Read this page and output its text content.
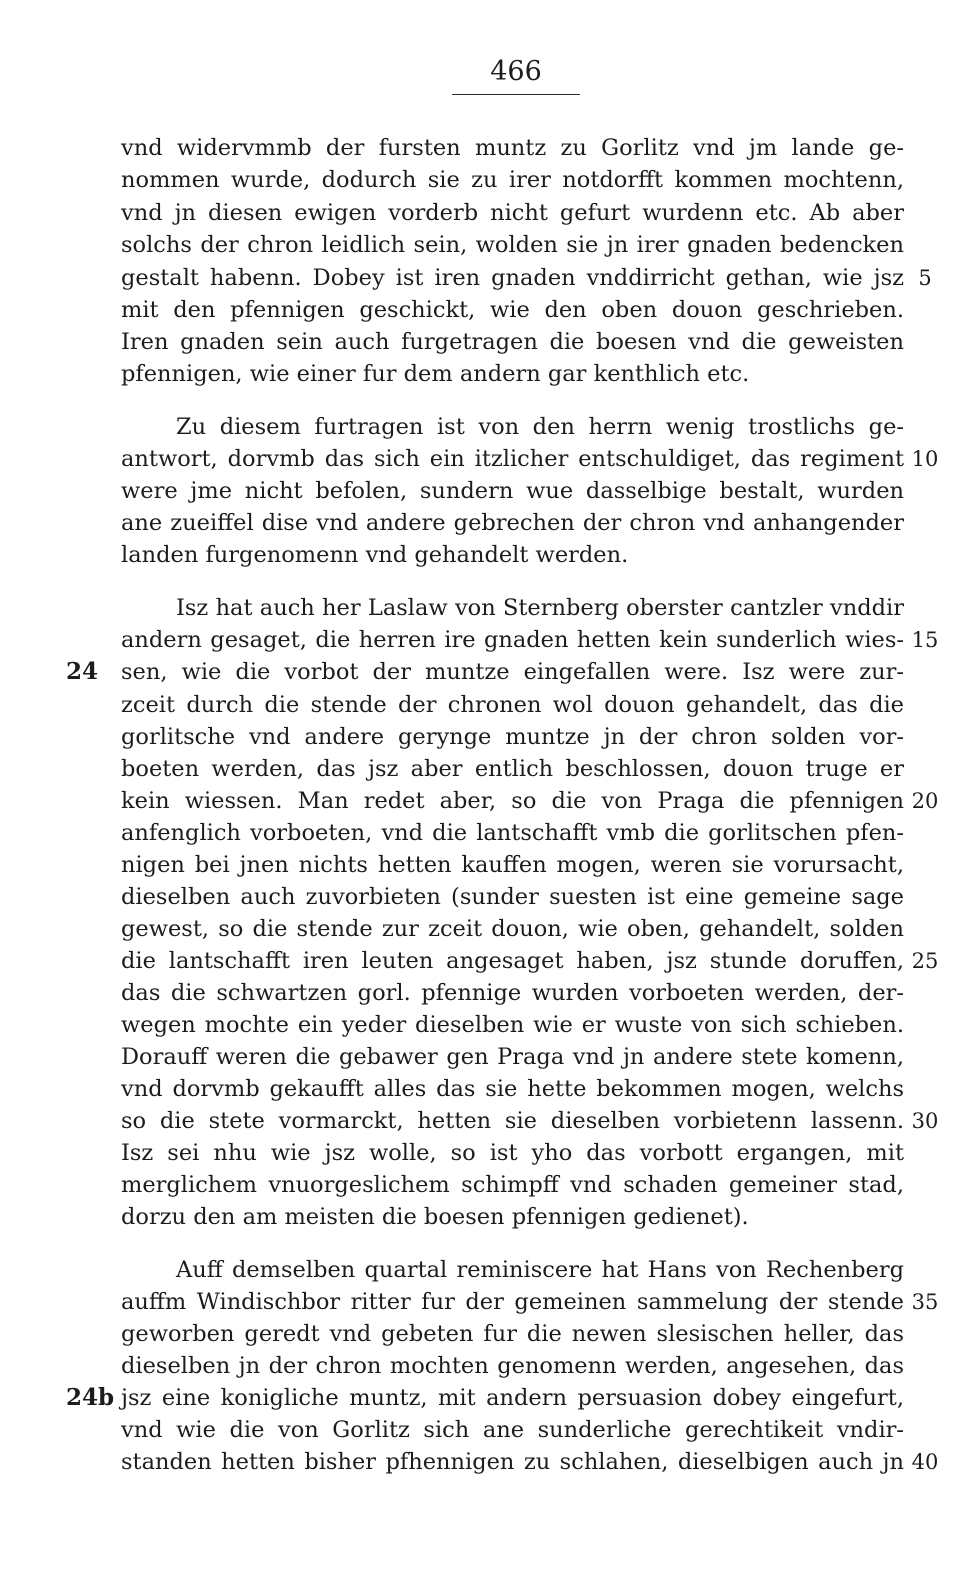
466
vnd widervmmb der fursten muntz zu Gorlitz vnd jm lande ge-
nommen wurde, dodurch sie zu irer notdorfft kommen mochtenn,
vnd jn diesen ewigen vorderb nicht gefurt wurdenn etc. Ab aber
solchs der chron leidlich sein, wolden sie jn irer gnaden bedencken
gestalt habenn. Dobey ist iren gnaden vnddirricht gethan, wie jsz
mit den pfennigen geschickt, wie den oben douon geschrieben.
Iren gnaden sein auch furgetragen die boesen vnd die geweisten
pfennigen, wie einer fur dem andern gar kenthlich etc.
Zu diesem furtragen ist von den herrn wenig trostlichs ge-
antwort, dorvmb das sich ein itzlicher entschuldiget, das regiment
were jme nicht befolen, sundern wue dasselbige bestalt, wurden
ane zueiffel dise vnd andere gebrechen der chron vnd anhangender
landen furgenomenn vnd gehandelt werden.
Isz hat auch her Laslaw von Sternberg oberster cantzler vnddir
andern gesaget, die herren ire gnaden hetten kein sunderlich wies-
sen, wie die vorbot der muntze eingefallen were. Isz were zur-
zceit durch die stende der chronen wol douon gehandelt, das die
gorlitsche vnd andere gerynge muntze jn der chron solden vor-
boeten werden, das jsz aber entlich beschlossen, douon truge er
kein wiessen. Man redet aber, so die von Praga die pfennigen
anfenglich vorboeten, vnd die lantschafft vmb die gorlitschen pfen-
nigen bei jnen nichts hetten kauffen mogen, weren sie vorursacht,
dieselben auch zuvorbieten (sunder suesten ist eine gemeine sage
gewest, so die stende zur zceit douon, wie oben, gehandelt, solden
die lantschafft iren leuten angesaget haben, jsz stunde doruffen,
das die schwartzen gorl. pfennige wurden vorboeten werden, der-
wegen mochte ein yeder dieselben wie er wuste von sich schieben.
Dorauff weren die gebawer gen Praga vnd jn andere stete komenn,
vnd dorvmb gekaufft alles das sie hette bekommen mogen, welchs
so die stete vormarckt, hetten sie dieselben vorbietenn lassenn.
Isz sei nhu wie jsz wolle, so ist yho das vorbott ergangen, mit
merglichem vnuorgeslichem schimpff vnd schaden gemeiner stad,
dorzu den am meisten die boesen pfennigen gedienet).
Auff demselben quartal reminiscere hat Hans von Rechenberg
auffm Windischbor ritter fur der gemeinen sammelung der stende
geworben geredt vnd gebeten fur die newen slesischen heller, das
dieselben jn der chron mochten genomenn werden, angesehen, das
jsz eine konigliche muntz, mit andern persuasion dobey eingefurt,
vnd wie die von Gorlitz sich ane sunderliche gerechtikeit vndir-
standen hetten bisher pfhennigen zu schlahen, dieselbigen auch jn
5
10
15
20
25
30
35
40
24
24b
